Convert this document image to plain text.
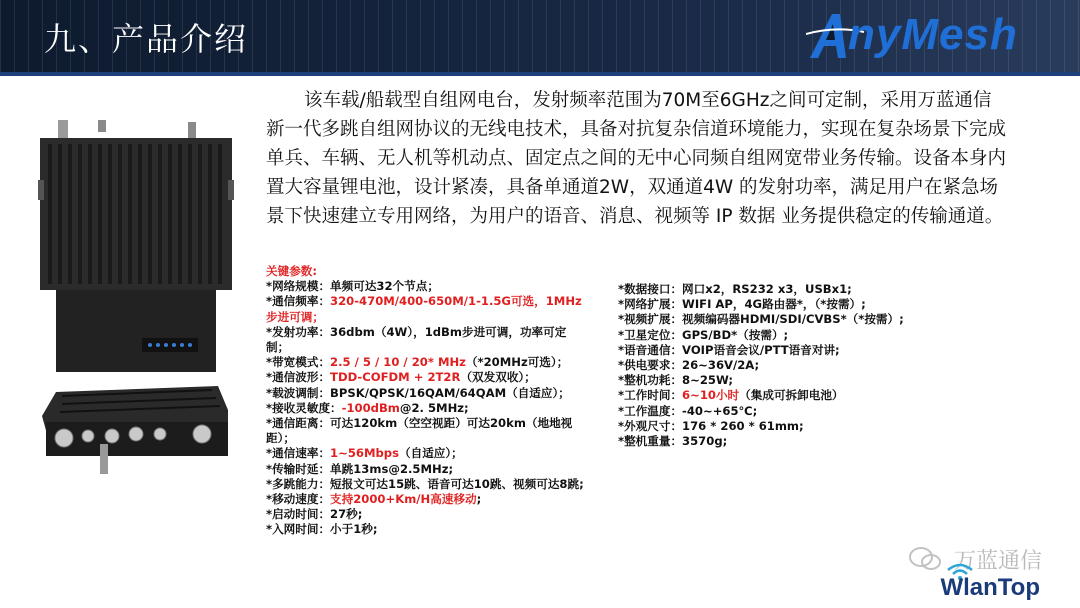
九、产品介绍	nyMesh

该车载/船载型自组网电台，发射频率范围为70M至6GHz之间可定制，采用万蓝通信新一代多跳自组网协议的无线电技术，具备对抗复杂信道环境能力，实现在复杂场景下完成单兵、车辆、无人机等机动点、固定点之间的无中心同频自组网宽带业务传输。设备本身内置大容量锂电池，设计紧凑，具备单通道2W，双通道4W 的发射功率，满足用户在紧急场景下快速建立专用网络，为用户的语音、消息、视频等 IP 数据 业务提供稳定的传输通道。

关键参数:
*网络规模：单频可达32个节点；
*通信频率：320-470M/400-650M/1-1.5G可选，1MHz步进可调；
*发射功率：36dbm（4W），1dBm步进可调，功率可定制；
*带宽模式：2.5 / 5 / 10 / 20* MHz（*20MHz可选）；
*通信波形：TDD-COFDM + 2T2R（双发双收）；
*载波调制：BPSK/QPSK/16QAM/64QAM（自适应）；
*接收灵敏度：-100dBm@2. 5MHz;
*通信距离：可达120km（空空视距）可达20km（地地视距）；
*通信速率：1~56Mbps（自适应）；
*传输时延：单跳13ms@2.5MHz;
*多跳能力：短报文可达15跳、语音可达10跳、视频可达8跳;
*移动速度：支持2000+Km/H高速移动;
*启动时间：27秒;
*入网时间：小于1秒;
*数据接口：网口x2，RS232 x3，USBx1;
*网络扩展：WIFI AP，4G路由器*，（*按需）;
*视频扩展：视频编码器HDMI/SDI/CVBS*（*按需）;
*卫星定位：GPS/BD*（按需）;
*语音通信：VOIP语音会议/PTT语音对讲;
*供电要求：26~36V/2A;
*整机功耗：8~25W;
*工作时间：6~10小时（集成可拆卸电池）
*工作温度：-40~+65℃;
*外观尺寸：176 * 260 * 61mm;
*整机重量：3570g;
万蓝通信
WlanTop
